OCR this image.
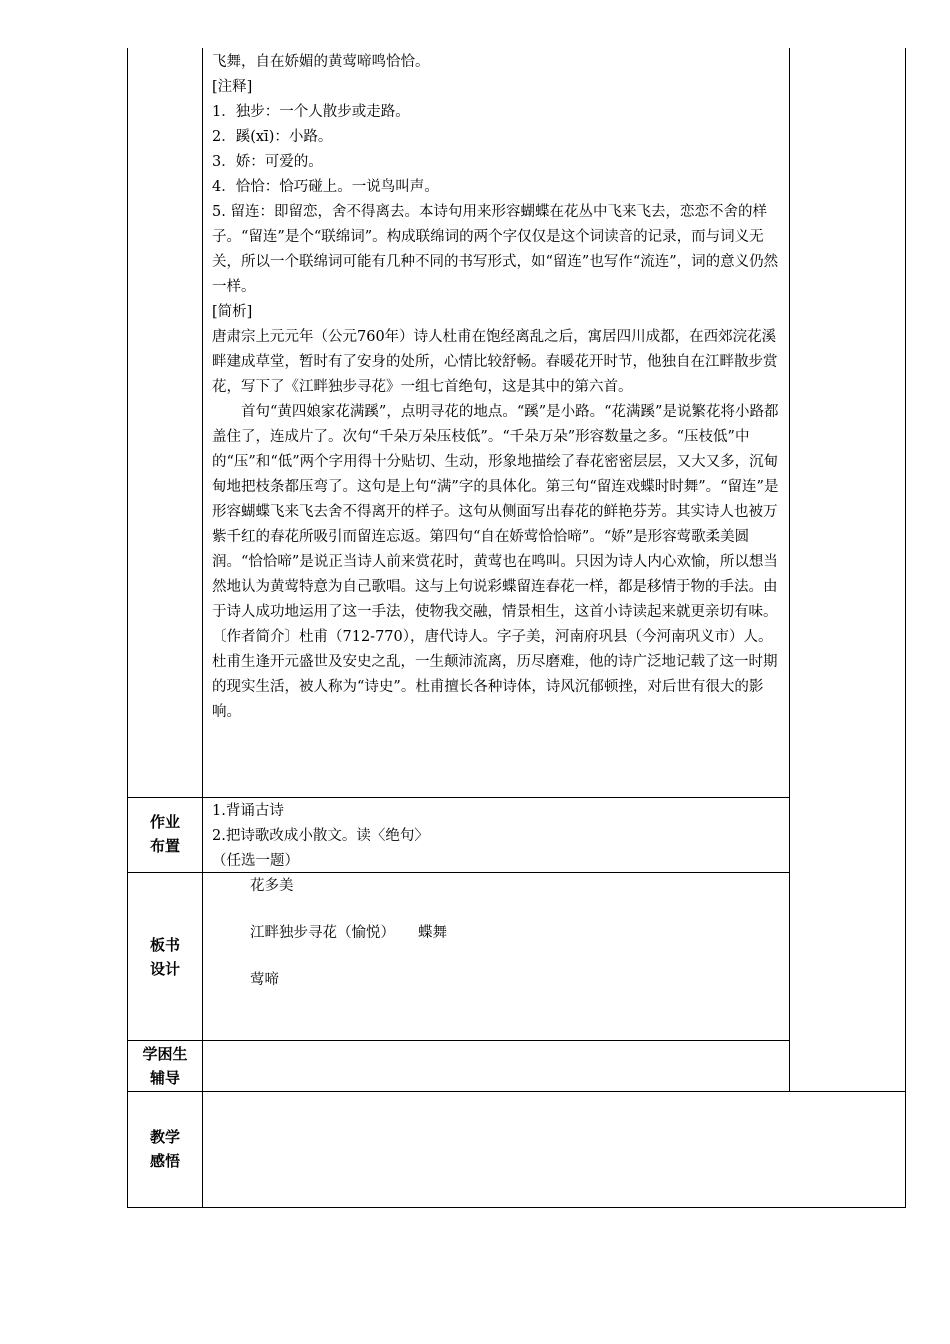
飞舞，自在娇媚的黄莺啼鸣恰恰。

[注释]

1．独步：一个人散步或走路。

2．蹊(xī)：小路。

3．娇：可爱的。

4．恰恰：恰巧碰上。一说鸟叫声。

5. 留连：即留恋，舍不得离去。本诗句用来形容蝴蝶在花丛中飞来飞去，恋恋不舍的样子。“留连”是个“联绵词”。构成联绵词的两个字仅仅是这个词读音的记录，而与词义无关，所以一个联绵词可能有几种不同的书写形式，如“留连”也写作“流连”，词的意义仍然一样。

[简析]

唐肃宗上元元年（公元760年）诗人杜甫在饱经离乱之后，寓居四川成都，在西郊浣花溪畔建成草堂，暂时有了安身的处所，心情比较舒畅。春暖花开时节，他独自在江畔散步赏花，写下了《江畔独步寻花》一组七首绝句，这是其中的第六首。

首句“黄四娘家花满蹊”，点明寻花的地点。“蹊”是小路。“花满蹊”是说繁花将小路都盖住了，连成片了。次句“千朵万朵压枝低”。“千朵万朵”形容数量之多。“压枝低”中的“压”和“低”两个字用得十分贴切、生动，形象地描绘了春花密密层层，又大又多，沉甸甸地把枝条都压弯了。这句是上句“满”字的具体化。第三句“留连戏蝶时时舞”。“留连”是形容蝴蝶飞来飞去舍不得离开的样子。这句从侧面写出春花的鲜艳芬芳。其实诗人也被万紫千红的春花所吸引而留连忘返。第四句“自在娇莺恰恰啼”。“娇”是形容莺歌柔美圆润。“恰恰啼”是说正当诗人前来赏花时，黄莺也在鸣叫。只因为诗人内心欢愉，所以想当然地认为黄莺特意为自己歌唱。这与上句说彩蝶留连春花一样，都是移情于物的手法。由于诗人成功地运用了这一手法，使物我交融，情景相生，这首小诗读起来就更亲切有味。

〔作者简介〕杜甫（712-770），唐代诗人。字子美，河南府巩县（今河南巩义市）人。杜甫生逢开元盛世及安史之乱，一生颠沛流离，历尽磨难，他的诗广泛地记载了这一时期的现实生活，被人称为“诗史”。杜甫擅长各种诗体，诗风沉郁顿挫，对后世有很大的影响。

作业
布置

1.背诵古诗

2.把诗歌改成小散文。读〈绝句〉

（任选一题）

板书
设计
花多美
江畔独步寻花（愉悦） 蝶舞
莺啼
学困生
辅导
教学
感悟
